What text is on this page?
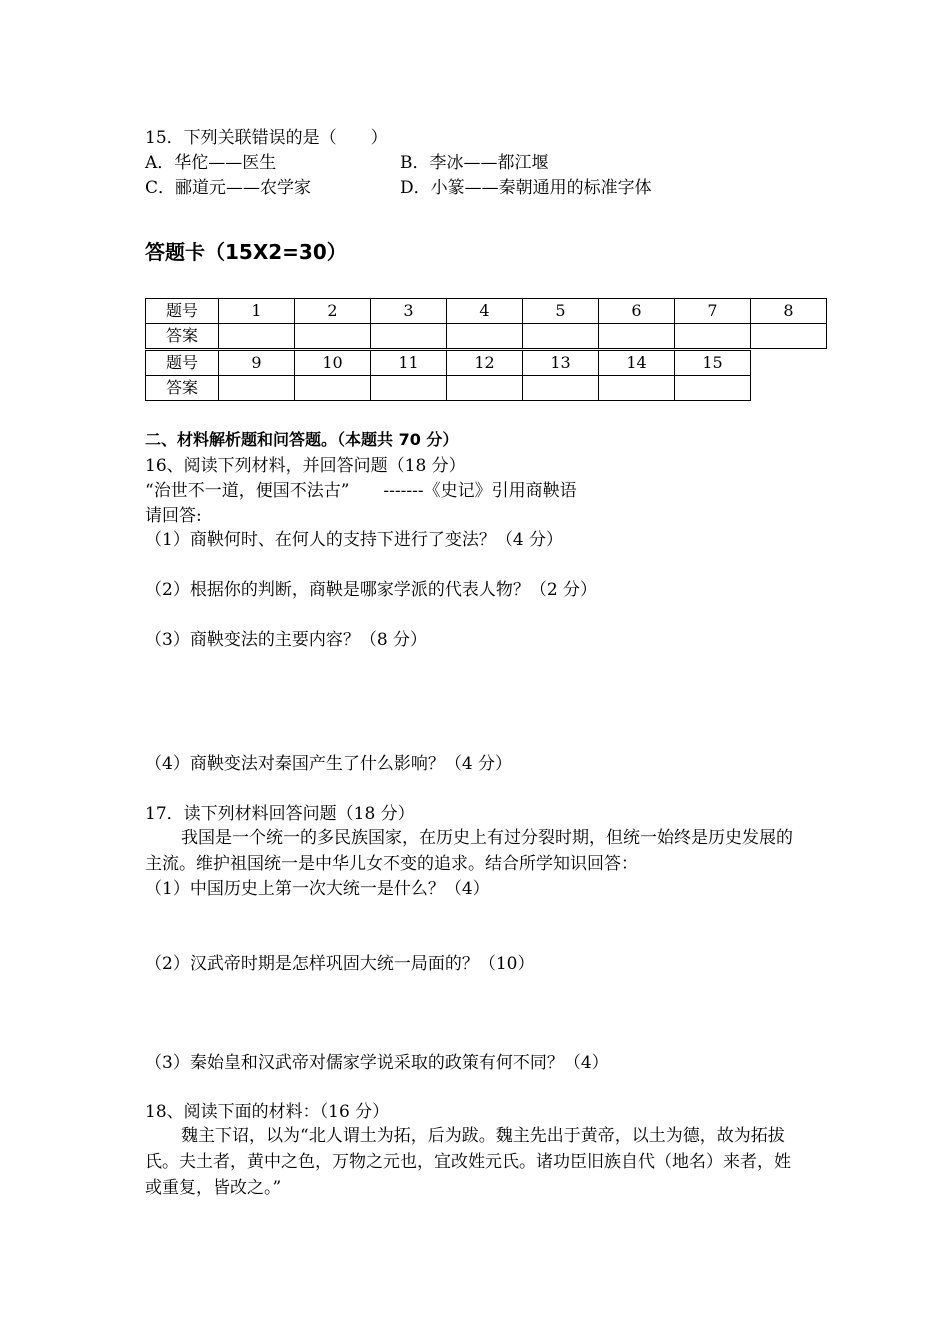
15．下列关联错误的是（　　）
A．华佗——医生	B．李冰——都江堰
C．郦道元——农学家	D．小篆——秦朝通用的标准字体
答题卡（15X2=30）
题号	1	2	3	4	5	6	7	8
答案								
题号	9	10	11	12	13	14	15
答案							
二、材料解析题和问答题。（本题共 70 分）
16、阅读下列材料，并回答问题（18 分）
“治世不一道，便国不法古”　　-------《史记》引用商鞅语
请回答:
（1）商鞅何时、在何人的支持下进行了变法？（4 分）
（2）根据你的判断，商鞅是哪家学派的代表人物？（2 分）
（3）商鞅变法的主要内容？（8 分）
（4）商鞅变法对秦国产生了什么影响？（4 分）
17．读下列材料回答问题（18 分）
我国是一个统一的多民族国家，在历史上有过分裂时期，但统一始终是历史发展的主流。维护祖国统一是中华儿女不变的追求。结合所学知识回答：
（1）中国历史上第一次大统一是什么？（4）
（2）汉武帝时期是怎样巩固大统一局面的？（10）
（3）秦始皇和汉武帝对儒家学说采取的政策有何不同？（4）
18、阅读下面的材料：（16 分）
魏主下诏，以为“北人谓土为拓，后为跋。魏主先出于黄帝，以土为德，故为拓拔氏。夫土者，黄中之色，万物之元也，宜改姓元氏。诸功臣旧族自代（地名）来者，姓或重复，皆改之。”
